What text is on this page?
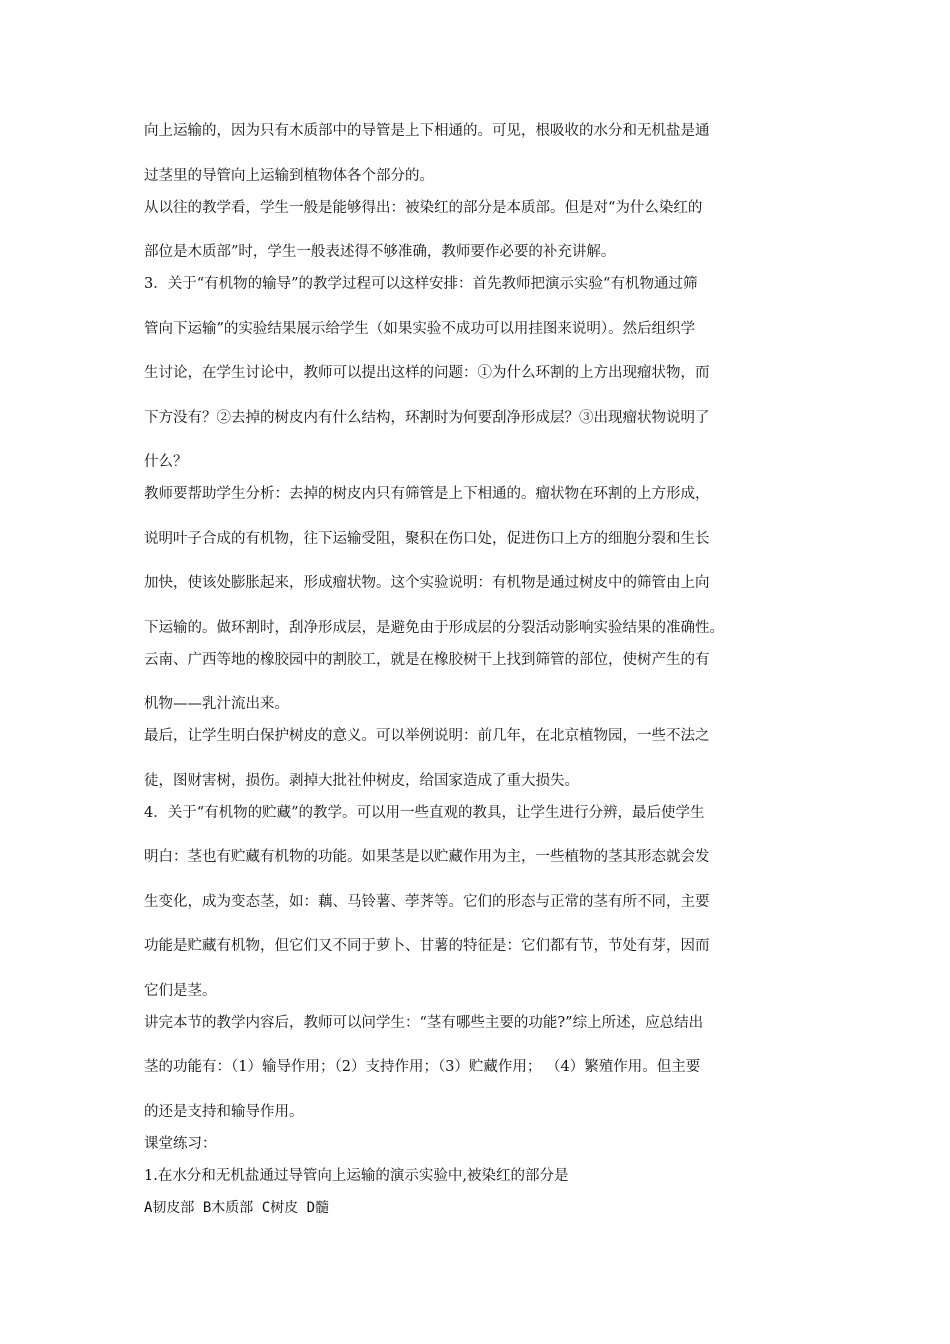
向上运输的，因为只有木质部中的导管是上下相通的。可见，根吸收的水分和无机盐是通
过茎里的导管向上运输到植物体各个部分的。
从以往的教学看，学生一般是能够得出：被染红的部分是本质部。但是对“为什么染红的
部位是木质部”时，学生一般表述得不够准确，教师要作必要的补充讲解。
3．关于“有机物的输导”的教学过程可以这样安排：首先教师把演示实验“有机物通过筛
管向下运输”的实验结果展示给学生（如果实验不成功可以用挂图来说明）。然后组织学
生讨论，在学生讨论中，教师可以提出这样的问题：①为什么环割的上方出现瘤状物，而
下方没有？②去掉的树皮内有什么结构，环割时为何要刮净形成层？③出现瘤状物说明了
什么？
教师要帮助学生分析：去掉的树皮内只有筛管是上下相通的。瘤状物在环割的上方形成，
说明叶子合成的有机物，往下运输受阻，聚积在伤口处，促进伤口上方的细胞分裂和生长
加快，使该处膨胀起来，形成瘤状物。这个实验说明：有机物是通过树皮中的筛管由上向
下运输的。做环割时，刮净形成层，是避免由于形成层的分裂活动影响实验结果的准确性。
云南、广西等地的橡胶园中的割胶工，就是在橡胶树干上找到筛管的部位，使树产生的有
机物——乳汁流出来。
最后，让学生明白保护树皮的意义。可以举例说明：前几年，在北京植物园，一些不法之
徒，图财害树，损伤。剥掉大批社仲树皮，给国家造成了重大损失。
4．关于“有机物的贮藏”的教学。可以用一些直观的教具，让学生进行分辨，最后使学生
明白：茎也有贮藏有机物的功能。如果茎是以贮藏作用为主，一些植物的茎其形态就会发
生变化，成为变态茎，如：藕、马铃薯、荸荠等。它们的形态与正常的茎有所不同，主要
功能是贮藏有机物，但它们又不同于萝卜、甘薯的特征是：它们都有节，节处有芽，因而
它们是茎。
讲完本节的教学内容后，教师可以问学生：“茎有哪些主要的功能?”综上所述，应总结出
茎的功能有：（1）输导作用；（2）支持作用；（3）贮藏作用； （4）繁殖作用。但主要
的还是支持和输导作用。
课堂练习：
1.在水分和无机盐通过导管向上运输的演示实验中,被染红的部分是
A韧皮部 B木质部 C树皮 D髓
